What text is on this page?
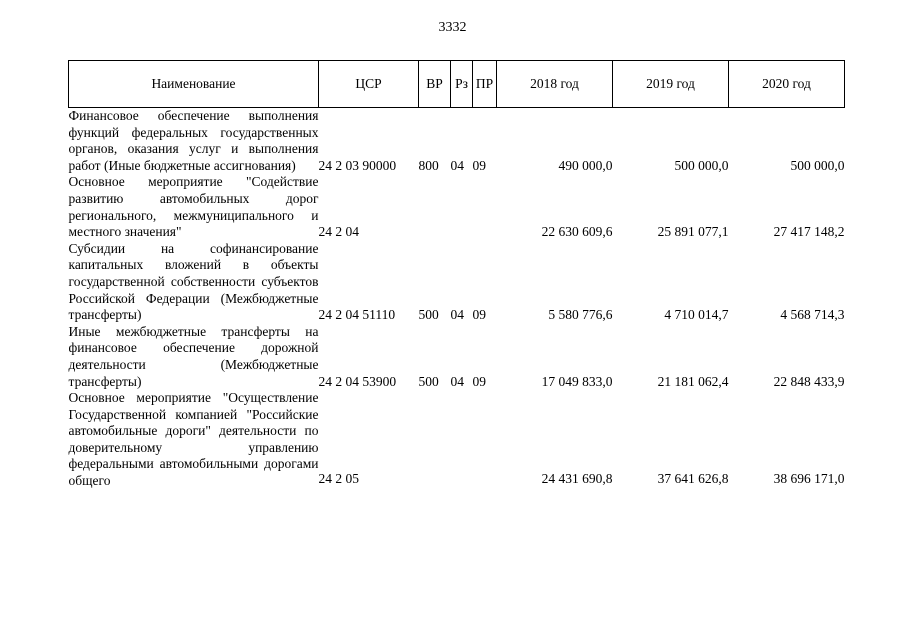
3332
Наименование	ЦСР	ВР	Рз	ПР	2018 год	2019 год	2020 год
Финансовое обеспечение выполнения функций федеральных государственных органов, оказания услуг и выполнения работ (Иные бюджетные ассигнования)	24 2 03 90000	800	04	09	490 000,0	500 000,0	500 000,0
Основное мероприятие "Содействие развитию автомобильных дорог регионального, межмуниципального и местного значения"	24 2 04				22 630 609,6	25 891 077,1	27 417 148,2
Субсидии на софинансирование капитальных вложений в объекты государственной собственности субъектов Российской Федерации (Межбюджетные трансферты)	24 2 04 51110	500	04	09	5 580 776,6	4 710 014,7	4 568 714,3
Иные межбюджетные трансферты на финансовое обеспечение дорожной деятельности (Межбюджетные трансферты)	24 2 04 53900	500	04	09	17 049 833,0	21 181 062,4	22 848 433,9
Основное мероприятие "Осуществление Государственной компанией "Российские автомобильные дороги" деятельности по доверительному управлению федеральными автомобильными дорогами общего	24 2 05				24 431 690,8	37 641 626,8	38 696 171,0
